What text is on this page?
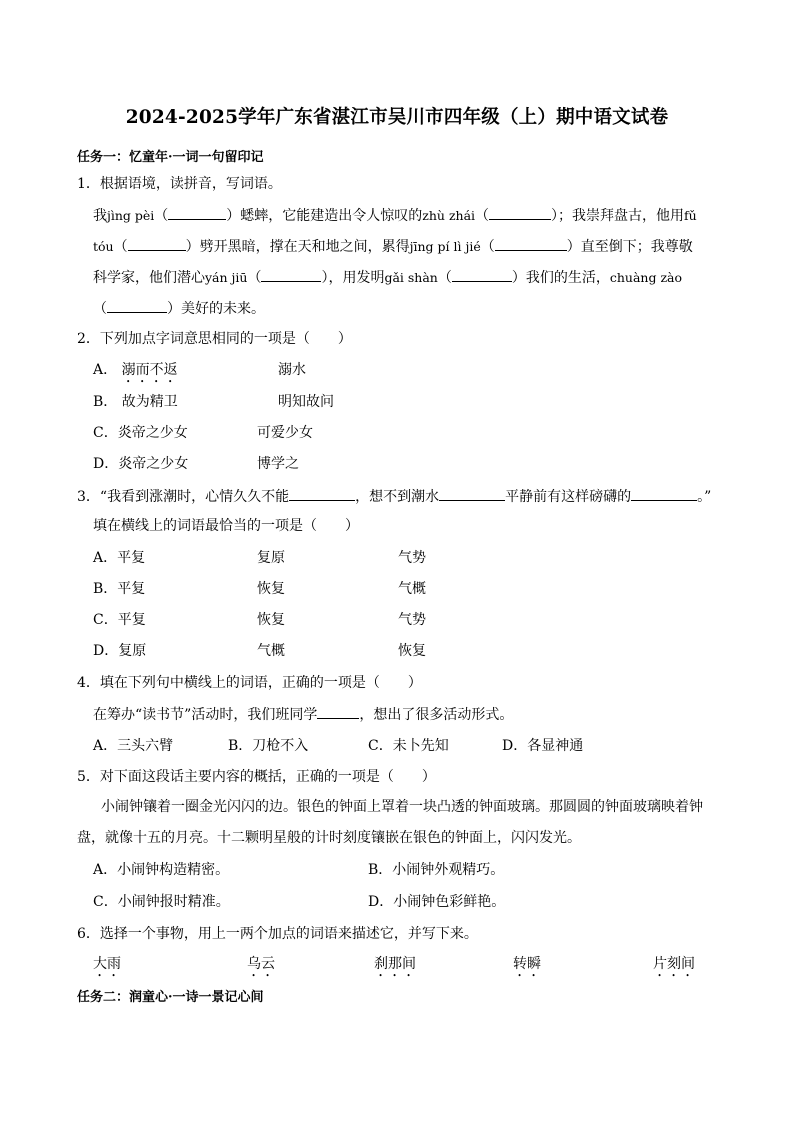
2024-2025学年广东省湛江市吴川市四年级（上）期中语文试卷
任务一：忆童年·一词一句留印记
1．根据语境，读拼音，写词语。
我jìng pèi（	）蟋蟀，它能建造出令人惊叹的zhù zhái（	）；我崇拜盘古，他用fǔ
tóu（	）劈开黑暗，撑在天和地之间，累得jīng pí lì jié（	）直至倒下；我尊敬
科学家，他们潜心yán jiū（	），用发明gǎi shàn（	）我们的生活，chuàng zào
（	）美好的未来。
2．下列加点字词意思相同的一项是（　　）
A． 溺而不返	溺水
B． 故为精卫	明知故问
C．炎帝之少女	可爱少女
D．炎帝之少女	博学之
3．“我看到涨潮时，心情久久不能	，想不到潮水	平静前有这样磅礴的	。”
填在横线上的词语最恰当的一项是（　　）
A．平复	复原	气势
B．平复	恢复	气概
C．平复	恢复	气势
D．复原	气概	恢复
4．填在下列句中横线上的词语，正确的一项是（　　）
在筹办“读书节”活动时，我们班同学	，想出了很多活动形式。
A．三头六臂	B．刀枪不入	C．未卜先知	D．各显神通
5．对下面这段话主要内容的概括，正确的一项是（　　）
小闹钟镶着一圈金光闪闪的边。银色的钟面上罩着一块凸透的钟面玻璃。那圆圆的钟面玻璃映着钟盘，就像十五的月亮。十二颗明星般的计时刻度镶嵌在银色的钟面上，闪闪发光。
A．小闹钟构造精密。	B．小闹钟外观精巧。
C．小闹钟报时精准。	D．小闹钟色彩鲜艳。
6．选择一个事物，用上一两个加点的词语来描述它，并写下来。
大雨	乌云	刹那间	转瞬	片刻间
任务二：润童心·一诗一景记心间
